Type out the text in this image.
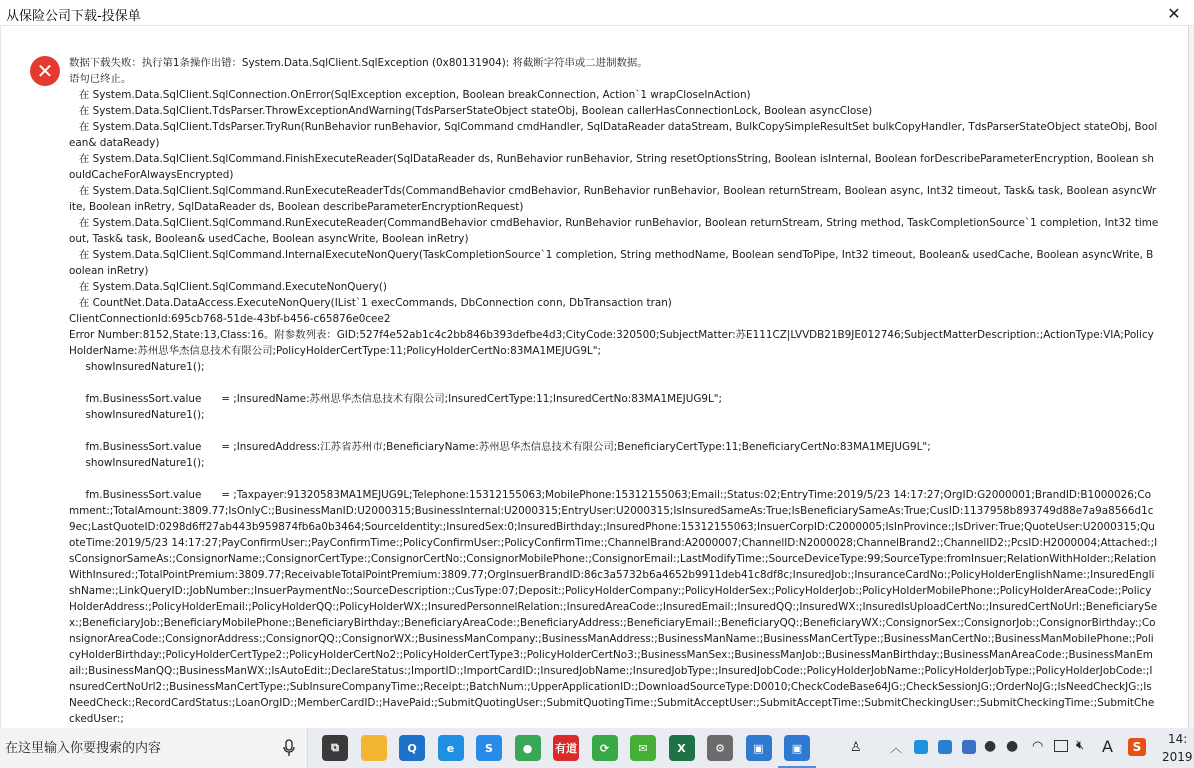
从保险公司下载-投保单	✕
✕	数据下载失败：执行第1条操作出错：System.Data.SqlClient.SqlException (0x80131904): 将截断字符串或二进制数据。
语句已终止。
在 System.Data.SqlClient.SqlConnection.OnError(SqlException exception, Boolean breakConnection, Action`1 wrapCloseInAction)
在 System.Data.SqlClient.TdsParser.ThrowExceptionAndWarning(TdsParserStateObject stateObj, Boolean callerHasConnectionLock, Boolean asyncClose)
在 System.Data.SqlClient.TdsParser.TryRun(RunBehavior runBehavior, SqlCommand cmdHandler, SqlDataReader dataStream, BulkCopySimpleResultSet bulkCopyHandler, TdsParserStateObject stateObj, Boolean& dataReady)
在 System.Data.SqlClient.SqlCommand.FinishExecuteReader(SqlDataReader ds, RunBehavior runBehavior, String resetOptionsString, Boolean isInternal, Boolean forDescribeParameterEncryption, Boolean shouldCacheForAlwaysEncrypted)
在 System.Data.SqlClient.SqlCommand.RunExecuteReaderTds(CommandBehavior cmdBehavior, RunBehavior runBehavior, Boolean returnStream, Boolean async, Int32 timeout, Task& task, Boolean asyncWrite, Boolean inRetry, SqlDataReader ds, Boolean describeParameterEncryptionRequest)
在 System.Data.SqlClient.SqlCommand.RunExecuteReader(CommandBehavior cmdBehavior, RunBehavior runBehavior, Boolean returnStream, String method, TaskCompletionSource`1 completion, Int32 timeout, Task& task, Boolean& usedCache, Boolean asyncWrite, Boolean inRetry)
在 System.Data.SqlClient.SqlCommand.InternalExecuteNonQuery(TaskCompletionSource`1 completion, String methodName, Boolean sendToPipe, Int32 timeout, Boolean& usedCache, Boolean asyncWrite, Boolean inRetry)
在 System.Data.SqlClient.SqlCommand.ExecuteNonQuery()
在 CountNet.Data.DataAccess.ExecuteNonQuery(IList`1 execCommands, DbConnection conn, DbTransaction tran)
ClientConnectionId:695cb768-51de-43bf-b456-c65876e0cee2
Error Number:8152,State:13,Class:16。附参数列表：GID:527f4e52ab1c4c2bb846b393defbe4d3;CityCode:320500;SubjectMatter:苏E111CZ|LVVDB21B9JE012746;SubjectMatterDescription:;ActionType:VIA;PolicyHolderName:苏州思华杰信息技术有限公司;PolicyHolderCertType:11;PolicyHolderCertNo:83MA1MEJUG9L";
showInsuredNature1();

fm.BusinessSort.value      = ;InsuredName:苏州思华杰信息技术有限公司;InsuredCertType:11;InsuredCertNo:83MA1MEJUG9L";
showInsuredNature1();

fm.BusinessSort.value      = ;InsuredAddress:江苏省苏州市;BeneficiaryName:苏州思华杰信息技术有限公司;BeneficiaryCertType:11;BeneficiaryCertNo:83MA1MEJUG9L";
showInsuredNature1();

fm.BusinessSort.value      = ;Taxpayer:91320583MA1MEJUG9L;Telephone:15312155063;MobilePhone:15312155063;Email:;Status:02;EntryTime:2019/5/23 14:17:27;OrgID:G2000001;BrandID:B1000026;Comment:;TotalAmount:3809.77;IsOnlyC:;BusinessManID:U2000315;BusinessInternal:U2000315;EntryUser:U2000315;IsInsuredSameAs:True;IsBeneficiarySameAs:True;CusID:1137958b893749d88e7a9a8566d1c9ec;LastQuoteID:0298d6ff27ab443b959874fb6a0b3464;SourceIdentity:;InsuredSex:0;InsuredBirthday:;InsuredPhone:15312155063;InsuerCorpID:C2000005;IsInProvince:;IsDriver:True;QuoteUser:U2000315;QuoteTime:2019/5/23 14:17:27;PayConfirmUser:;PayConfirmTime:;PolicyConfirmUser:;PolicyConfirmTime:;ChannelBrand:A2000007;ChannelID:N2000028;ChannelBrand2:;ChannelID2:;PcsID:H2000004;Attached:;IsConsignorSameAs:;ConsignorName:;ConsignorCertType:;ConsignorCertNo:;ConsignorMobilePhone:;ConsignorEmail:;LastModifyTime:;SourceDeviceType:99;SourceType:fromInsuer;RelationWithHolder:;RelationWithInsured:;TotalPointPremium:3809.77;ReceivableTotalPointPremium:3809.77;OrgInsuerBrandID:86c3a5732b6a4652b9911deb41c8df8c;InsuredJob:;InsuranceCardNo:;PolicyHolderEnglishName:;InsuredEnglishName:;LinkQueryID:;JobNumber:;InsuerPaymentNo:;SourceDescription:;CusType:07;Deposit:;PolicyHolderCompany:;PolicyHolderSex:;PolicyHolderJob:;PolicyHolderMobilePhone:;PolicyHolderAreaCode:;PolicyHolderAddress:;PolicyHolderEmail:;PolicyHolderQQ:;PolicyHolderWX:;InsuredPersonnelRelation:;InsuredAreaCode:;InsuredEmail:;InsuredQQ:;InsuredWX:;InsuredIsUploadCertNo:;InsuredCertNoUrl:;BeneficiarySex:;BeneficiaryJob:;BeneficiaryMobilePhone:;BeneficiaryBirthday:;BeneficiaryAreaCode:;BeneficiaryAddress:;BeneficiaryEmail:;BeneficiaryQQ:;BeneficiaryWX:;ConsignorSex:;ConsignorJob:;ConsignorBirthday:;ConsignorAreaCode:;ConsignorAddress:;ConsignorQQ:;ConsignorWX:;BusinessManCompany:;BusinessManAddress:;BusinessManName:;BusinessManCertType:;BusinessManCertNo:;BusinessManMobilePhone:;PolicyHolderBirthday:;PolicyHolderCertType2:;PolicyHolderCertNo2:;PolicyHolderCertType3:;PolicyHolderCertNo3:;BusinessManSex:;BusinessManJob:;BusinessManBirthday:;BusinessManAreaCode:;BusinessManEmail:;BusinessManQQ:;BusinessManWX:;IsAutoEdit:;DeclareStatus:;ImportID:;ImportCardID:;InsuredJobName:;InsuredJobType:;InsuredJobCode:;PolicyHolderJobName:;PolicyHolderJobType:;PolicyHolderJobCode:;InsuredCertNoUrl2:;BusinessManCertType:;SubInsureCompanyTime:;Receipt:;BatchNum:;UpperApplicationID:;DownloadSourceType:D0010;CheckCodeBase64JG:;CheckSessionJG:;OrderNoJG:;IsNeedCheckJG:;IsNeedCheck:;RecordCardStatus:;LoanOrgID:;MemberCardID:;HavePaid:;SubmitQuotingUser:;SubmitQuotingTime:;SubmitAcceptUser:;SubmitAcceptTime:;SubmitCheckingUser:;SubmitCheckingTime:;SubmitCheckedUser:;
在这里输入你要搜索的内容
⧉	Q	e	S	●	有道	⟳	✉	X	⚙	▣	▣	♙ ︿	● ● ◠	🔇︎ A	S
14:
2019
